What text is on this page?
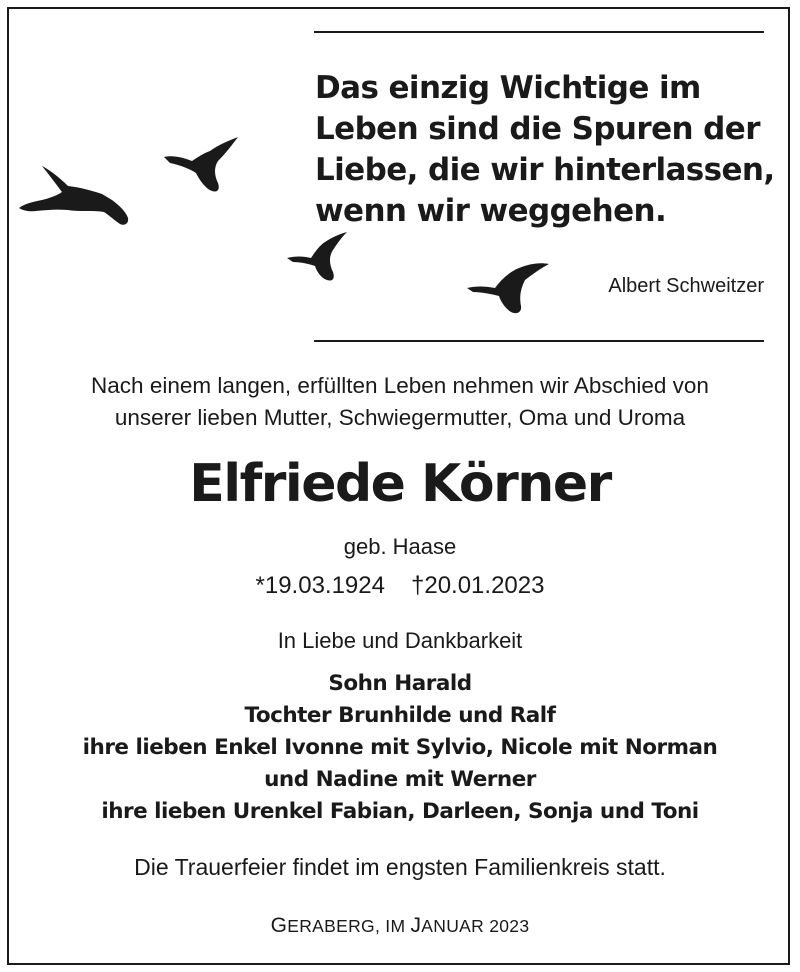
Das einzig Wichtige im
Leben sind die Spuren der
Liebe, die wir hinterlassen,
wenn wir weggehen.

Albert Schweitzer
Nach einem langen, erfüllten Leben nehmen wir Abschied von
unserer lieben Mutter, Schwiegermutter, Oma und Uroma
Elfriede Körner
geb. Haase
*19.03.1924 †20.01.2023
In Liebe und Dankbarkeit
Sohn Harald
Tochter Brunhilde und Ralf
ihre lieben Enkel Ivonne mit Sylvio, Nicole mit Norman
und Nadine mit Werner
ihre lieben Urenkel Fabian, Darleen, Sonja und Toni
Die Trauerfeier findet im engsten Familienkreis statt.
GERABERG, IM JANUAR 2023
